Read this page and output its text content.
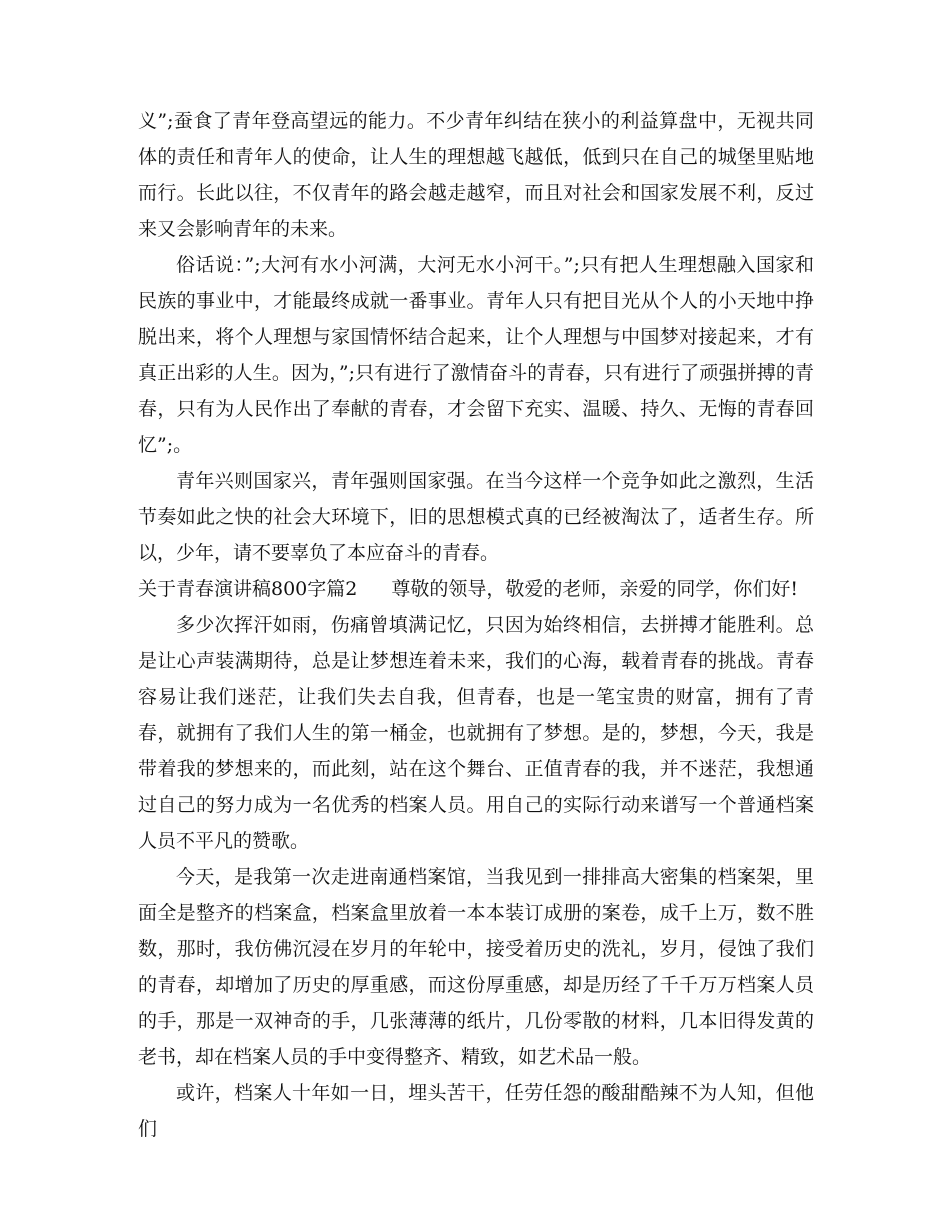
义”;蚕食了青年登高望远的能力。不少青年纠结在狭小的利益算盘中，无视共同体的责任和青年人的使命，让人生的理想越飞越低，低到只在自己的城堡里贴地而行。长此以往，不仅青年的路会越走越窄，而且对社会和国家发展不利，反过来又会影响青年的未来。

俗话说：”;大河有水小河满，大河无水小河干。”;只有把人生理想融入国家和民族的事业中，才能最终成就一番事业。青年人只有把目光从个人的小天地中挣脱出来，将个人理想与家国情怀结合起来，让个人理想与中国梦对接起来，才有真正出彩的人生。因为，”;只有进行了激情奋斗的青春，只有进行了顽强拼搏的青春，只有为人民作出了奉献的青春，才会留下充实、温暖、持久、无悔的青春回忆”;。

青年兴则国家兴，青年强则国家强。在当今这样一个竞争如此之激烈，生活节奏如此之快的社会大环境下，旧的思想模式真的已经被淘汰了，适者生存。所以，少年，请不要辜负了本应奋斗的青春。

关于青春演讲稿800字篇2 尊敬的领导，敬爱的老师，亲爱的同学，你们好!

多少次挥汗如雨，伤痛曾填满记忆，只因为始终相信，去拼搏才能胜利。总是让心声装满期待，总是让梦想连着未来，我们的心海，载着青春的挑战。青春容易让我们迷茫，让我们失去自我，但青春，也是一笔宝贵的财富，拥有了青春，就拥有了我们人生的第一桶金，也就拥有了梦想。是的，梦想，今天，我是带着我的梦想来的，而此刻，站在这个舞台、正值青春的我，并不迷茫，我想通过自己的努力成为一名优秀的档案人员。用自己的实际行动来谱写一个普通档案人员不平凡的赞歌。

今天，是我第一次走进南通档案馆，当我见到一排排高大密集的档案架，里面全是整齐的档案盒，档案盒里放着一本本装订成册的案卷，成千上万，数不胜数，那时，我仿佛沉浸在岁月的年轮中，接受着历史的洗礼，岁月，侵蚀了我们的青春，却增加了历史的厚重感，而这份厚重感，却是历经了千千万万档案人员的手，那是一双神奇的手，几张薄薄的纸片，几份零散的材料，几本旧得发黄的老书，却在档案人员的手中变得整齐、精致，如艺术品一般。

或许，档案人十年如一日，埋头苦干，任劳任怨的酸甜酷辣不为人知，但他们
